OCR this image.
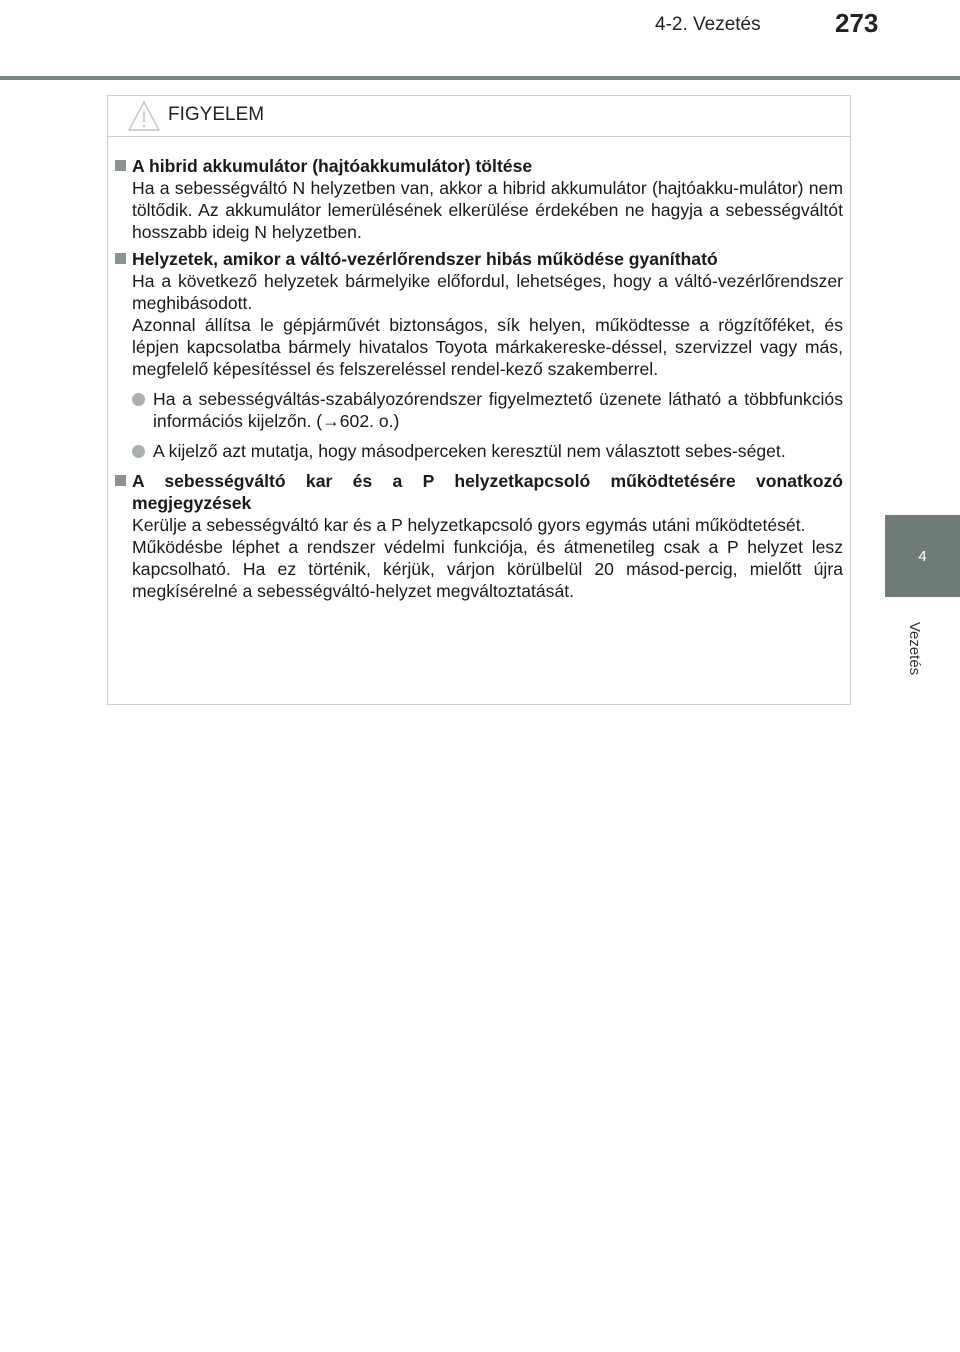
4-2. Vezetés	273
4
Vezetés
FIGYELEM
A hibrid akkumulátor (hajtóakkumulátor) töltése

Ha a sebességváltó N helyzetben van, akkor a hibrid akkumulátor (hajtóakku-mulátor) nem töltődik. Az akkumulátor lemerülésének elkerülése érdekében ne hagyja a sebességváltót hosszabb ideig N helyzetben.

Helyzetek, amikor a váltó-vezérlőrendszer hibás működése gyanítható

Ha a következő helyzetek bármelyike előfordul, lehetséges, hogy a váltó-vezérlőrendszer meghibásodott.

Azonnal állítsa le gépjárművét biztonságos, sík helyen, működtesse a rögzítőféket, és lépjen kapcsolatba bármely hivatalos Toyota márkakereske-déssel, szervizzel vagy más, megfelelő képesítéssel és felszereléssel rendel-kező szakemberrel.

Ha a sebességváltás-szabályozórendszer figyelmeztető üzenete látható a többfunkciós információs kijelzőn. (→602. o.)
A kijelző azt mutatja, hogy másodperceken keresztül nem választott sebes-séget.
A sebességváltó kar és a P helyzetkapcsoló működtetésére vonatkozó megjegyzések

Kerülje a sebességváltó kar és a P helyzetkapcsoló gyors egymás utáni működtetését.

Működésbe léphet a rendszer védelmi funkciója, és átmenetileg csak a P helyzet lesz kapcsolható. Ha ez történik, kérjük, várjon körülbelül 20 másod-percig, mielőtt újra megkísérelné a sebességváltó-helyzet megváltoztatását.
